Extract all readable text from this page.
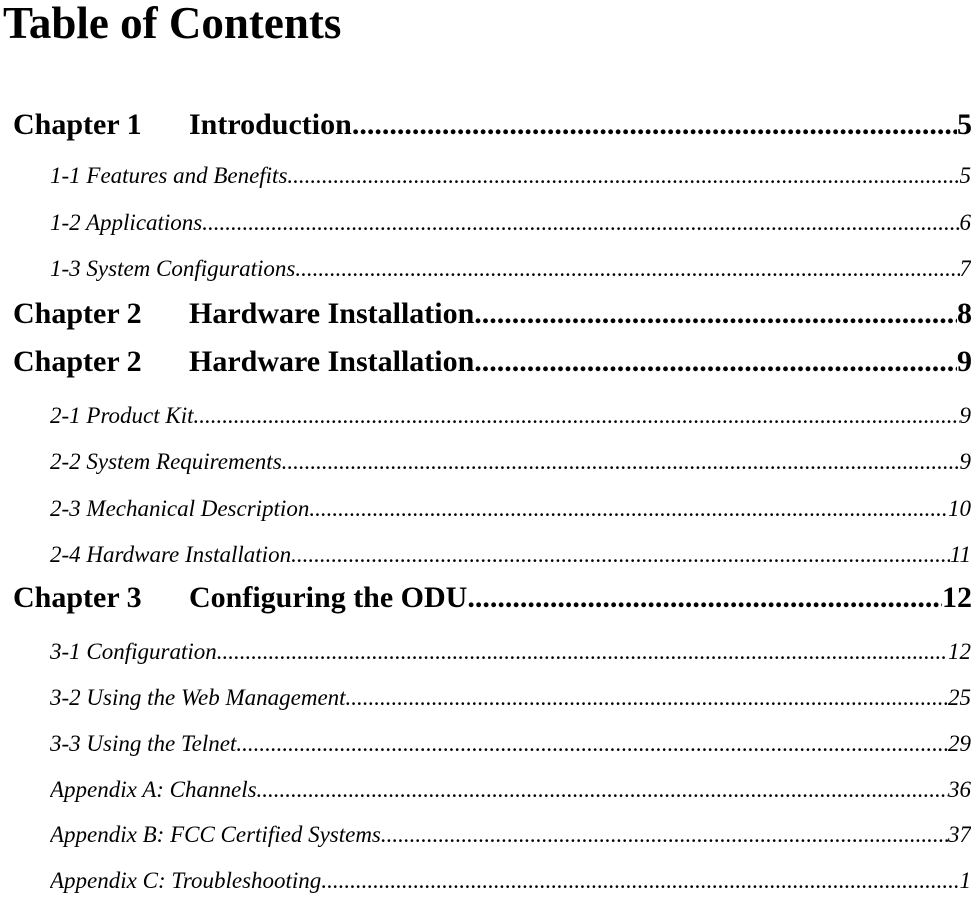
Table of Contents
Chapter 1	Introduction .....	5
1-1 Features and Benefits .....	5
1-2 Applications .....	6
1-3 System Configurations .....	7
Chapter 2	Hardware Installation .....	8
Chapter 2	Hardware Installation .....	9
2-1 Product Kit .....	9
2-2 System Requirements .....	9
2-3 Mechanical Description .....	10
2-4 Hardware Installation .....	11
Chapter 3	Configuring the ODU .....	12
3-1 Configuration .....	12
3-2 Using the Web Management .....	25
3-3 Using the Telnet .....	29
Appendix A: Channels .....	36
Appendix B: FCC Certified Systems .....	37
Appendix C: Troubleshooting .....	1
